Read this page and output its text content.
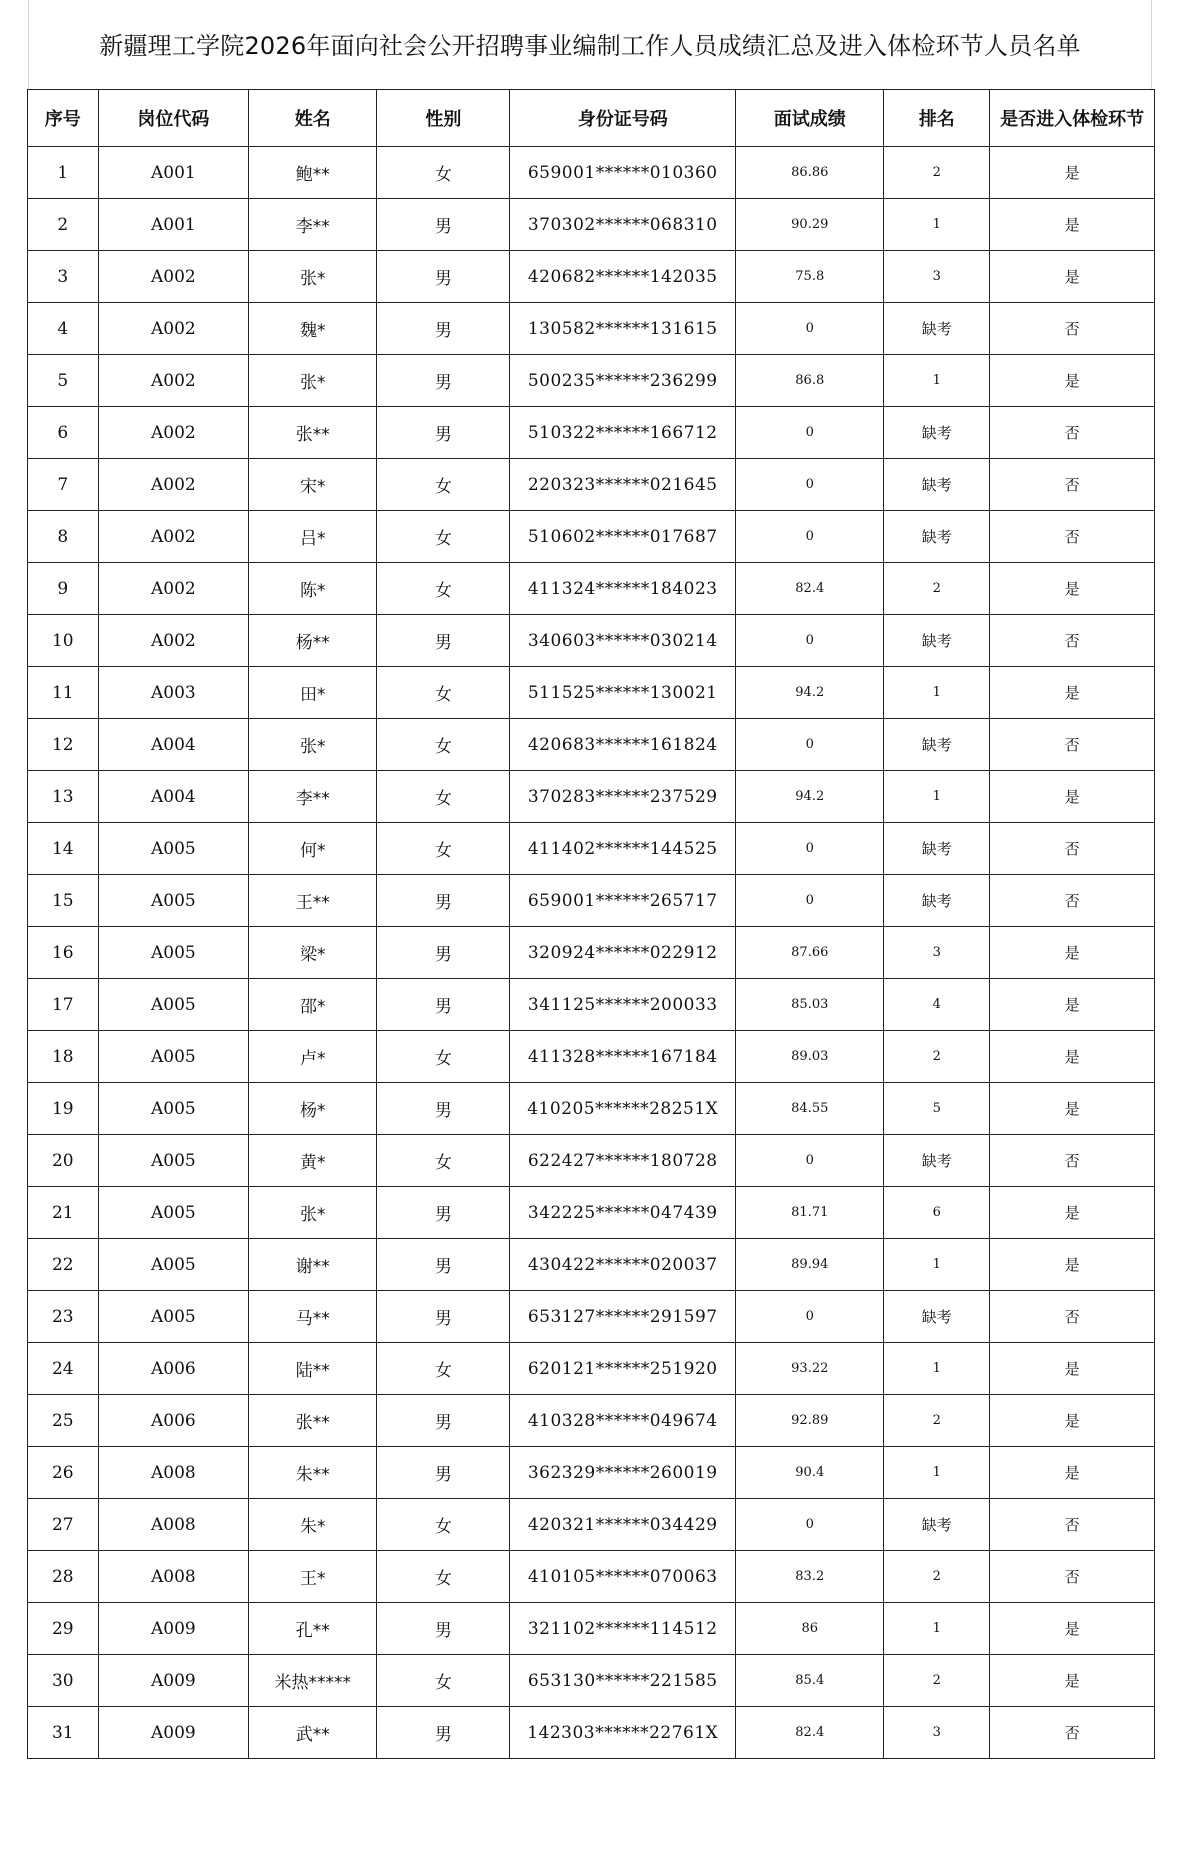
新疆理工学院2026年面向社会公开招聘事业编制工作人员成绩汇总及进入体检环节人员名单
序号	岗位代码	姓名	性别	身份证号码	面试成绩	排名	是否进入体检环节
1	A001	鲍**	女	659001******010360	86.86	2	是
2	A001	李**	男	370302******068310	90.29	1	是
3	A002	张*	男	420682******142035	75.8	3	是
4	A002	魏*	男	130582******131615	0	缺考	否
5	A002	张*	男	500235******236299	86.8	1	是
6	A002	张**	男	510322******166712	0	缺考	否
7	A002	宋*	女	220323******021645	0	缺考	否
8	A002	吕*	女	510602******017687	0	缺考	否
9	A002	陈*	女	411324******184023	82.4	2	是
10	A002	杨**	男	340603******030214	0	缺考	否
11	A003	田*	女	511525******130021	94.2	1	是
12	A004	张*	女	420683******161824	0	缺考	否
13	A004	李**	女	370283******237529	94.2	1	是
14	A005	何*	女	411402******144525	0	缺考	否
15	A005	王**	男	659001******265717	0	缺考	否
16	A005	梁*	男	320924******022912	87.66	3	是
17	A005	邵*	男	341125******200033	85.03	4	是
18	A005	卢*	女	411328******167184	89.03	2	是
19	A005	杨*	男	410205******28251X	84.55	5	是
20	A005	黄*	女	622427******180728	0	缺考	否
21	A005	张*	男	342225******047439	81.71	6	是
22	A005	谢**	男	430422******020037	89.94	1	是
23	A005	马**	男	653127******291597	0	缺考	否
24	A006	陆**	女	620121******251920	93.22	1	是
25	A006	张**	男	410328******049674	92.89	2	是
26	A008	朱**	男	362329******260019	90.4	1	是
27	A008	朱*	女	420321******034429	0	缺考	否
28	A008	王*	女	410105******070063	83.2	2	否
29	A009	孔**	男	321102******114512	86	1	是
30	A009	米热*****	女	653130******221585	85.4	2	是
31	A009	武**	男	142303******22761X	82.4	3	否
